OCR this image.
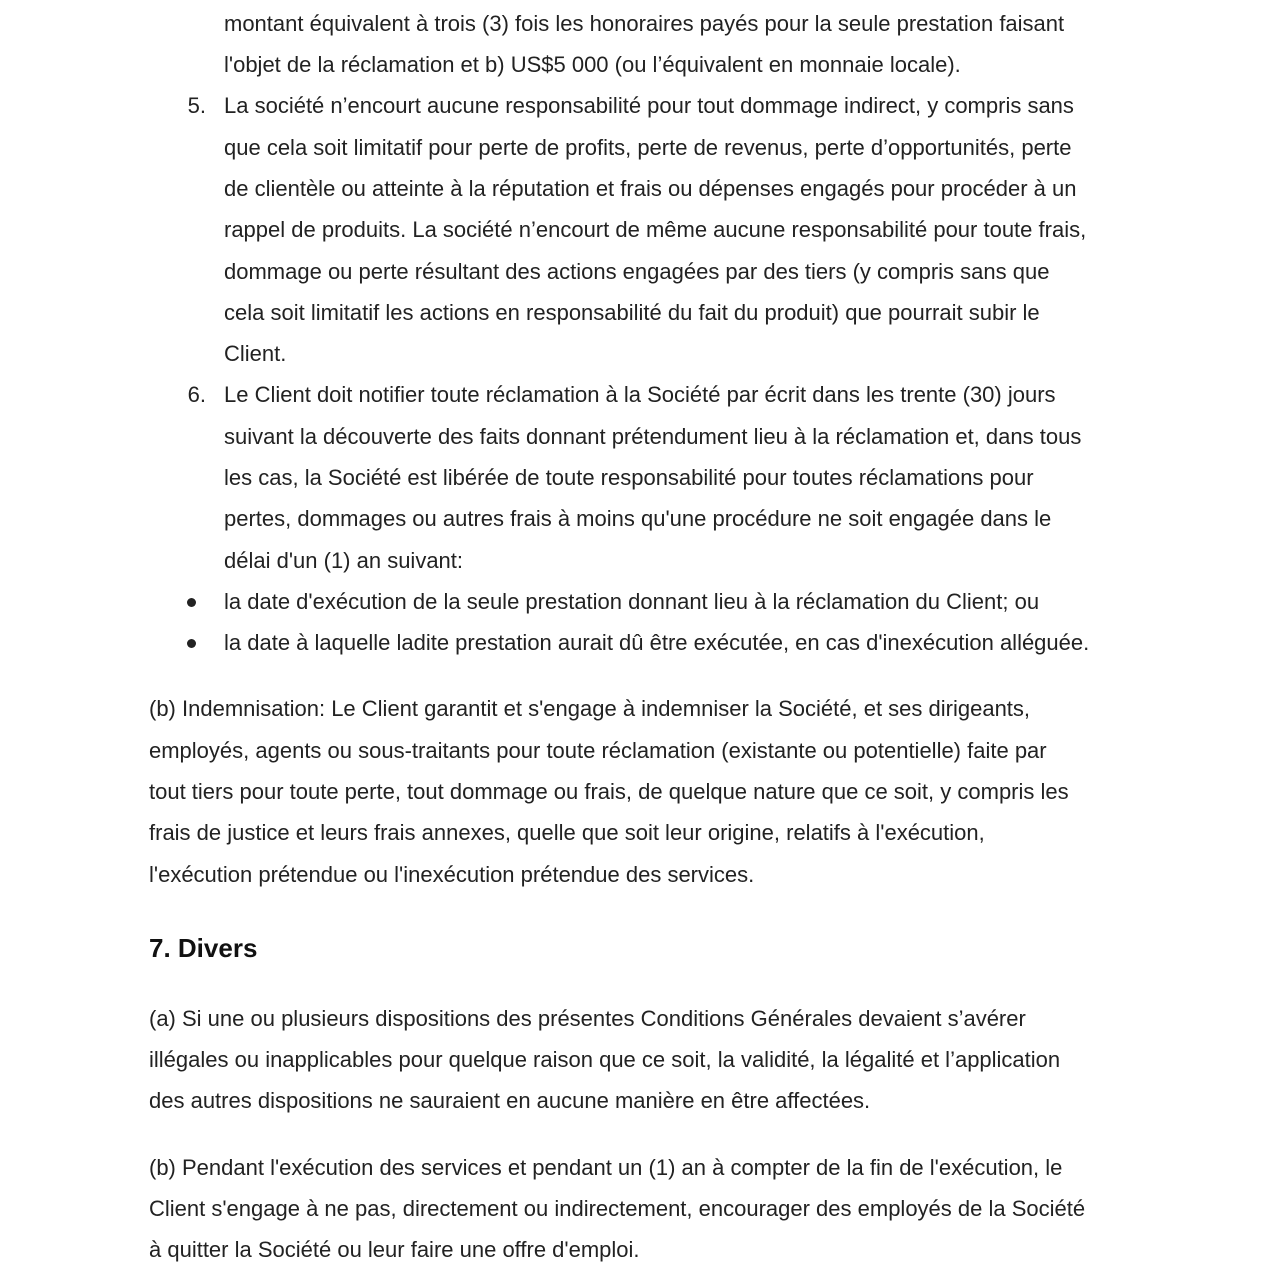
montant équivalent à trois (3) fois les honoraires payés pour la seule prestation faisant
l'objet de la réclamation et b) US$5 000 (ou l’équivalent en monnaie locale).
5. La société n’encourt aucune responsabilité pour tout dommage indirect, y compris sans
que cela soit limitatif pour perte de profits, perte de revenus, perte d’opportunités, perte
de clientèle ou atteinte à la réputation et frais ou dépenses engagés pour procéder à un
rappel de produits. La société n’encourt de même aucune responsabilité pour toute frais,
dommage ou perte résultant des actions engagées par des tiers (y compris sans que
cela soit limitatif les actions en responsabilité du fait du produit) que pourrait subir le
Client.
6. Le Client doit notifier toute réclamation à la Société par écrit dans les trente (30) jours
suivant la découverte des faits donnant prétendument lieu à la réclamation et, dans tous
les cas, la Société est libérée de toute responsabilité pour toutes réclamations pour
pertes, dommages ou autres frais à moins qu'une procédure ne soit engagée dans le
délai d'un (1) an suivant:
la date d'exécution de la seule prestation donnant lieu à la réclamation du Client; ou
la date à laquelle ladite prestation aurait dû être exécutée, en cas d'inexécution alléguée.
(b) Indemnisation: Le Client garantit et s'engage à indemniser la Société, et ses dirigeants,
employés, agents ou sous-traitants pour toute réclamation (existante ou potentielle) faite par
tout tiers pour toute perte, tout dommage ou frais, de quelque nature que ce soit, y compris les
frais de justice et leurs frais annexes, quelle que soit leur origine, relatifs à l'exécution,
l'exécution prétendue ou l'inexécution prétendue des services.
7. Divers
(a) Si une ou plusieurs dispositions des présentes Conditions Générales devaient s’avérer
illégales ou inapplicables pour quelque raison que ce soit, la validité, la légalité et l’application
des autres dispositions ne sauraient en aucune manière en être affectées.
(b) Pendant l'exécution des services et pendant un (1) an à compter de la fin de l'exécution, le
Client s'engage à ne pas, directement ou indirectement, encourager des employés de la Société
à quitter la Société ou leur faire une offre d'emploi.
